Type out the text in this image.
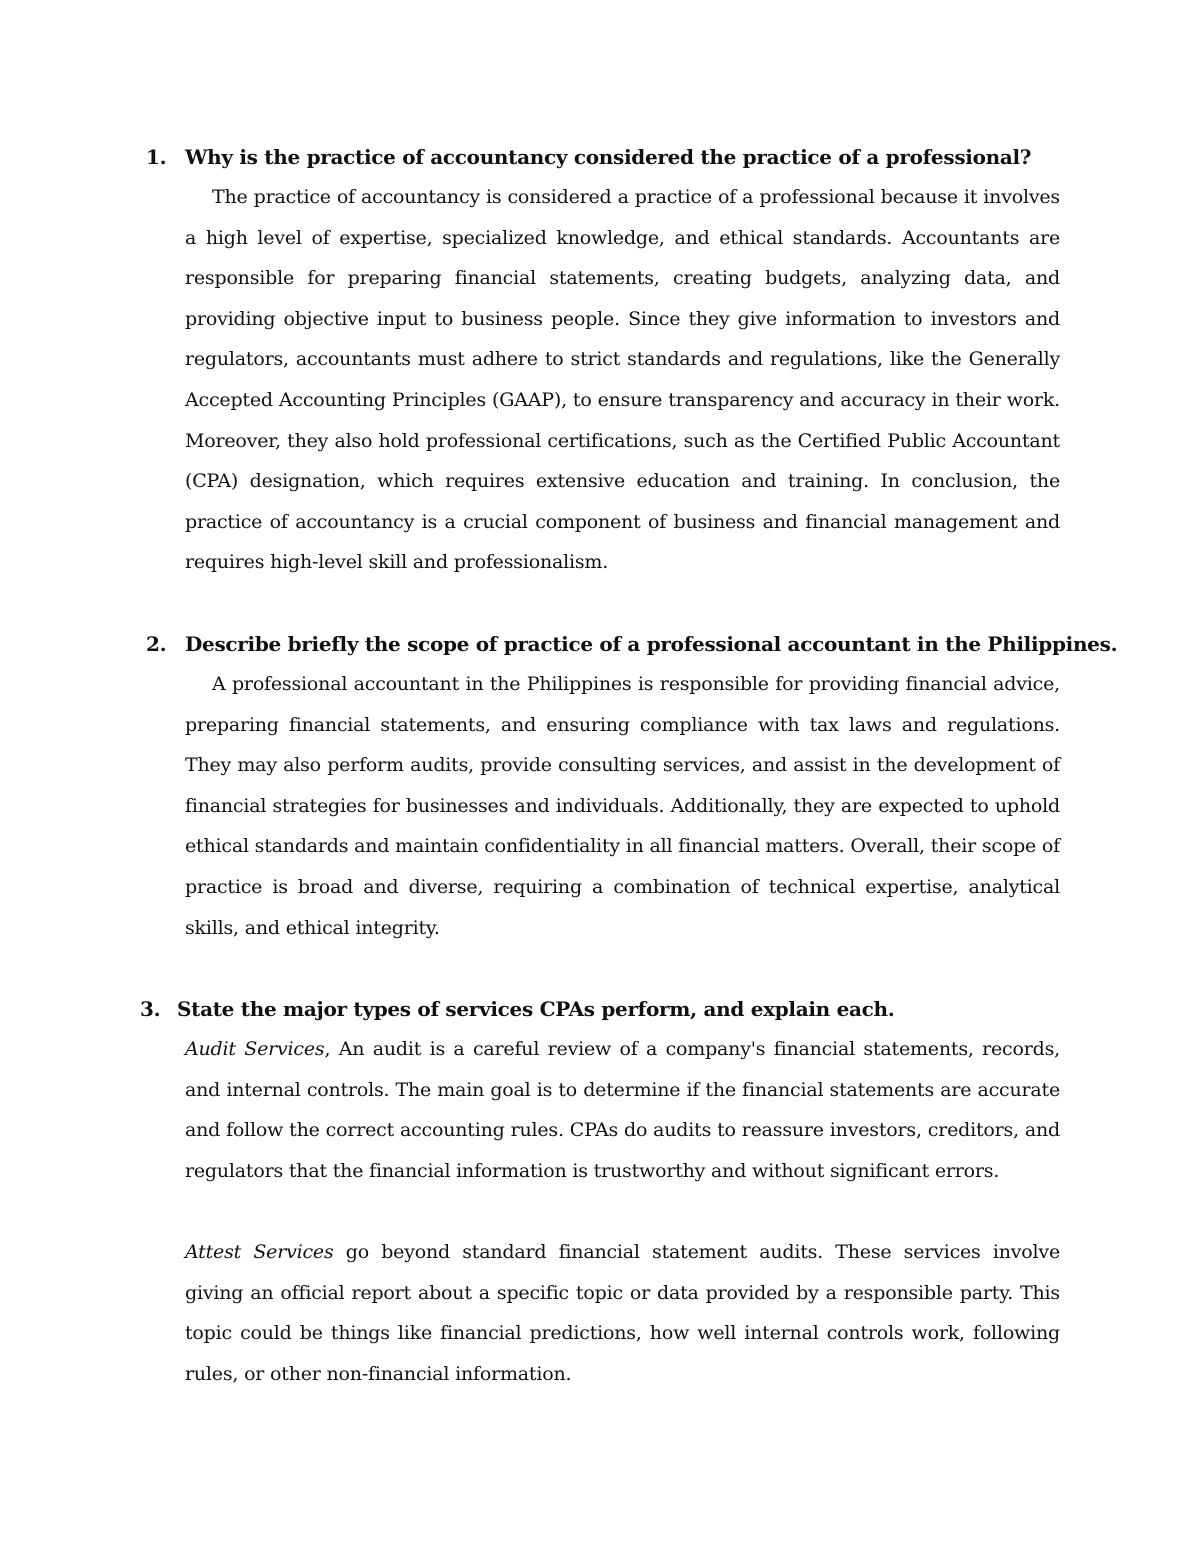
1. Why is the practice of accountancy considered the practice of a professional?

The practice of accountancy is considered a practice of a professional because it involves a high level of expertise, specialized knowledge, and ethical standards. Accountants are responsible for preparing financial statements, creating budgets, analyzing data, and providing objective input to business people. Since they give information to investors and regulators, accountants must adhere to strict standards and regulations, like the Generally Accepted Accounting Principles (GAAP), to ensure transparency and accuracy in their work. Moreover, they also hold professional certifications, such as the Certified Public Accountant (CPA) designation, which requires extensive education and training. In conclusion, the practice of accountancy is a crucial component of business and financial management and requires high-level skill and professionalism.

2. Describe briefly the scope of practice of a professional accountant in the Philippines.

A professional accountant in the Philippines is responsible for providing financial advice, preparing financial statements, and ensuring compliance with tax laws and regulations. They may also perform audits, provide consulting services, and assist in the development of financial strategies for businesses and individuals. Additionally, they are expected to uphold ethical standards and maintain confidentiality in all financial matters. Overall, their scope of practice is broad and diverse, requiring a combination of technical expertise, analytical skills, and ethical integrity.

3. State the major types of services CPAs perform, and explain each.

Audit Services, An audit is a careful review of a company's financial statements, records, and internal controls. The main goal is to determine if the financial statements are accurate and follow the correct accounting rules. CPAs do audits to reassure investors, creditors, and regulators that the financial information is trustworthy and without significant errors.

Attest Services go beyond standard financial statement audits. These services involve giving an official report about a specific topic or data provided by a responsible party. This topic could be things like financial predictions, how well internal controls work, following rules, or other non-financial information.
